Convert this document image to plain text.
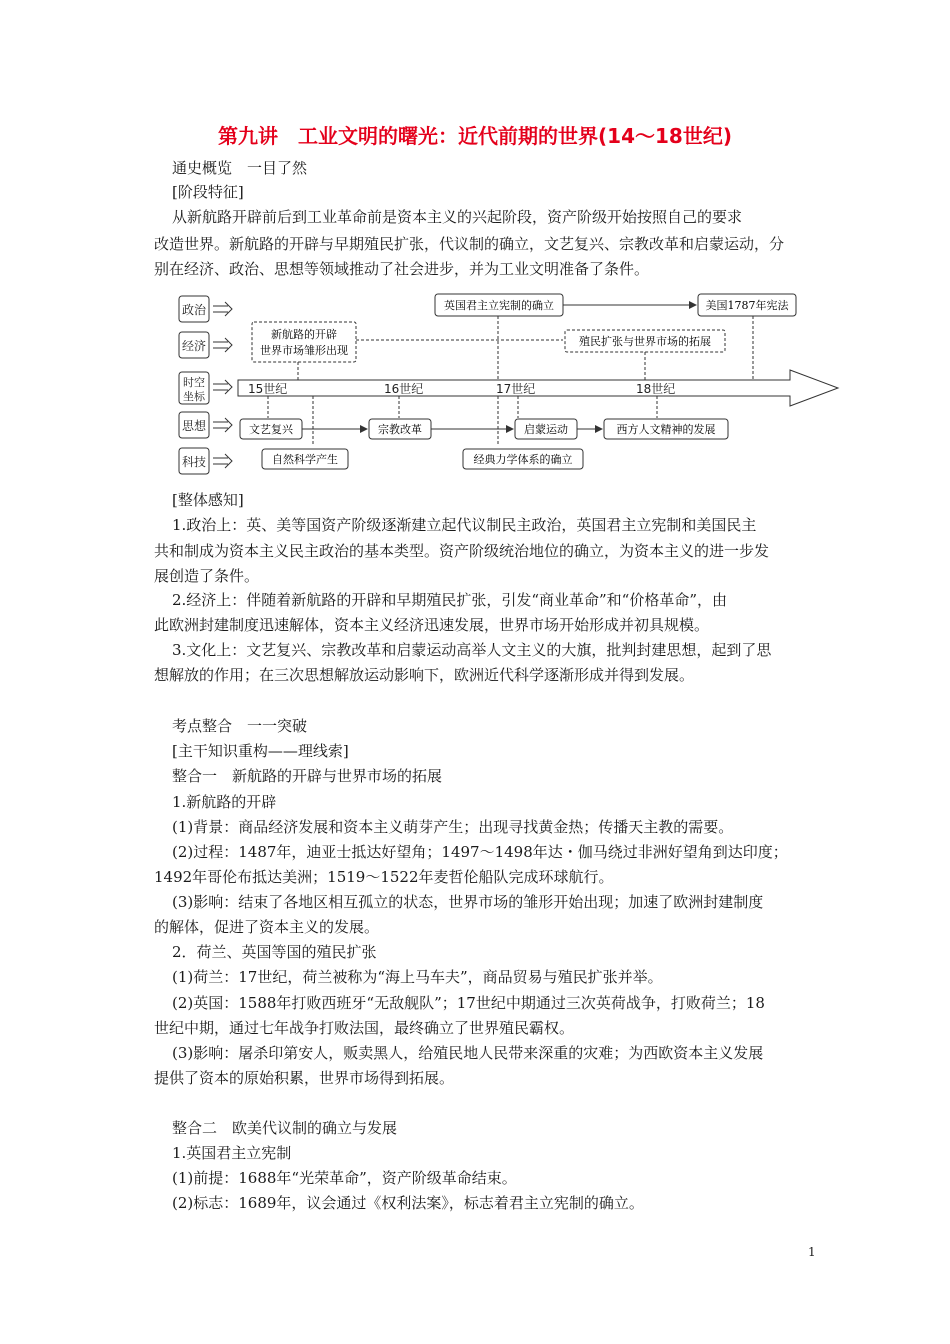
第九讲　工业文明的曙光：近代前期的世界(14～18世纪)
通史概览　一目了然
[阶段特征]
从新航路开辟前后到工业革命前是资本主义的兴起阶段，资产阶级开始按照自己的要求
改造世界。新航路的开辟与早期殖民扩张，代议制的确立，文艺复兴、宗教改革和启蒙运动，分
别在经济、政治、思想等领域推动了社会进步，并为工业文明准备了条件。
政治
经济
时空坐标
思想
科技
15世纪	16世纪	17世纪	18世纪
英国君主立宪制的确立	美国1787年宪法
新航路的开辟
世界市场雏形出现
殖民扩张与世界市场的拓展
文艺复兴	宗教改革	启蒙运动	西方人文精神的发展
自然科学产生	经典力学体系的确立
[整体感知]
1.政治上：英、美等国资产阶级逐渐建立起代议制民主政治，英国君主立宪制和美国民主
共和制成为资本主义民主政治的基本类型。资产阶级统治地位的确立，为资本主义的进一步发
展创造了条件。
2.经济上：伴随着新航路的开辟和早期殖民扩张，引发“商业革命”和“价格革命”，由
此欧洲封建制度迅速解体，资本主义经济迅速发展，世界市场开始形成并初具规模。
3.文化上：文艺复兴、宗教改革和启蒙运动高举人文主义的大旗，批判封建思想，起到了思
想解放的作用；在三次思想解放运动影响下，欧洲近代科学逐渐形成并得到发展。
考点整合　一一突破
[主干知识重构——理线索]
整合一　新航路的开辟与世界市场的拓展
1.新航路的开辟
(1)背景：商品经济发展和资本主义萌芽产生；出现寻找黄金热；传播天主教的需要。
(2)过程：1487年，迪亚士抵达好望角；1497～1498年达・伽马绕过非洲好望角到达印度；
1492年哥伦布抵达美洲；1519～1522年麦哲伦船队完成环球航行。
(3)影响：结束了各地区相互孤立的状态，世界市场的雏形开始出现；加速了欧洲封建制度
的解体，促进了资本主义的发展。
2．荷兰、英国等国的殖民扩张
(1)荷兰：17世纪，荷兰被称为“海上马车夫”，商品贸易与殖民扩张并举。
(2)英国：1588年打败西班牙“无敌舰队”；17世纪中期通过三次英荷战争，打败荷兰；18
世纪中期，通过七年战争打败法国，最终确立了世界殖民霸权。
(3)影响：屠杀印第安人，贩卖黑人，给殖民地人民带来深重的灾难；为西欧资本主义发展
提供了资本的原始积累，世界市场得到拓展。
整合二　欧美代议制的确立与发展
1.英国君主立宪制
(1)前提：1688年“光荣革命”，资产阶级革命结束。
(2)标志：1689年，议会通过《权利法案》，标志着君主立宪制的确立。
1
